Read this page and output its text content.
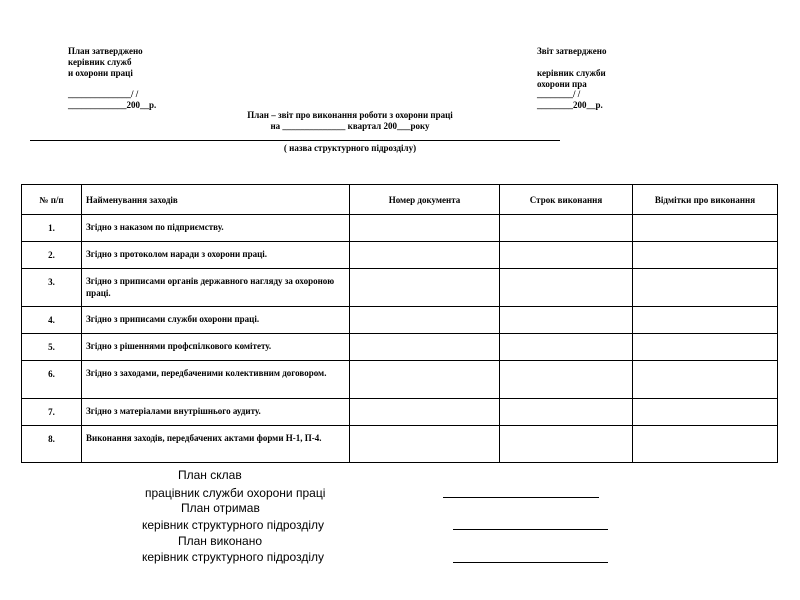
План затверджено
керівник служб
и охорони праці
______________/ /
_____________200__р.
Звіт затверджено
керівник служби
охорони пра
________/ /
________200__р.
План – звіт про виконання роботи з охорони праці
на ______________ квартал 200___року
( назва структурного підрозділу)
№ п/п	Найменування заходів	Номер документа	Строк виконання	Відмітки про виконання
1.	Згідно з наказом по підприємству.			
2.	Згідно з протоколом наради з охорони праці.			
3.	Згідно з приписами органів державного нагляду за охороною праці.			
4.	Згідно з приписами служби охорони праці.			
5.	Згідно з рішеннями профспілкового комітету.			
6.	Згідно з заходами, передбаченими колективним договором.			
7.	Згідно з матеріалами внутрішнього аудиту.			
8.	Виконання заходів, передбачених актами форми Н-1, П-4.			
План склав
працівник служби охорони праці
План отримав
керівник структурного підрозділу
План виконано
керівник структурного підрозділу
